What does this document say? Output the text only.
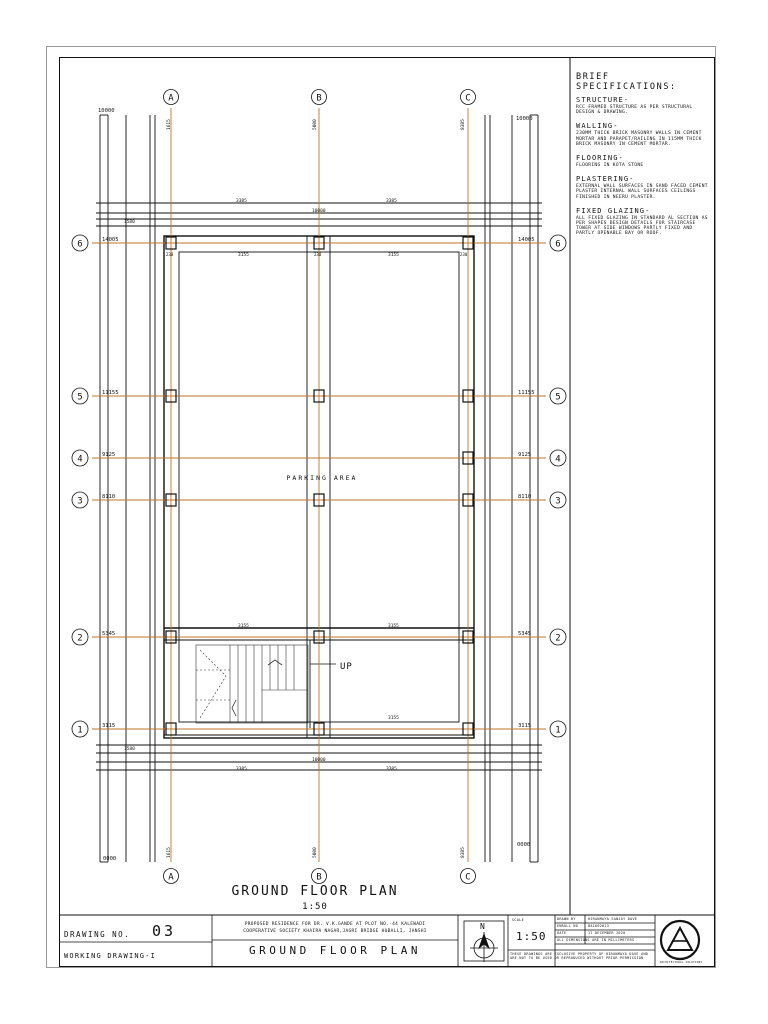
BRIEF SPECIFICATIONS:
STRUCTURE-
RCC FRAMED STRUCTURE AS PER STRUCTURAL DESIGN & DRAWING.
WALLING-
230MM THICK BRICK MASONRY WALLS IN CEMENT MORTAR AND PARAPET/RAILING IN 115MM THICK BRICK MASONRY IN CEMENT MORTAR.
FLOORING-
FLOORING IN KOTA STONE
PLASTERING-
EXTERNAL WALL SURFACES IN SAND FACED CEMENT PLASTER INTERNAL WALL SURFACES CEILINGS FINISHED IN NEERU PLASTER.
FIXED GLAZING-
ALL FIXED GLAZING IN STANDARD AL SECTION AS PER SHAPES DESIGN DETAILS FOR STAIRCASE TOWER AT SIDE WINDOWS PARTLY FIXED AND PARTLY OPENABLE BAY OR ROOF.
UP
A
A
B
B
C
C
6	6
14005	14005
5	5
11155	11155
4	4
9125	9125
3	3
8110	8110
2	2
5345	5345
1	1
3115	3115
PARKING AREA
10000
10000
0000
0000
1615	5000	8385
1615	5000	8385
3385	3385
10000
3385	3385
10000
3155	3155
3155	3155
3155
1580
1580
230	230	230
GROUND FLOOR PLAN
1:50
DRAWING NO. 03
WORKING DRAWING-I
PROPOSED RESIDENCE FOR DR. V.K.GANDE AT PLOT NO.-44 KALEWADI
COOPERATIVE SOCIETY KHAIRA NAGAR,JAGRI BRIDGE HUBALLI, JANSHI
GROUND FLOOR PLAN
N
SCALE
1:50
DRAWN BY	HIRANMAYA SANJAY DAVE
ENROLL NO	BA1602013
DATE	17 DECEMBER 2020
ALL DIMENSIONS ARE IN MILLIMETERS
THESE DRAWINGS ARE EXCLUSIVE PROPERTY OF HIRANMAYA DAVE AND ARE NOT TO BE USED OR REPRODUCED WITHOUT PRIOR PERMISSION
ARCHITECTURAL SOLUTIONS
